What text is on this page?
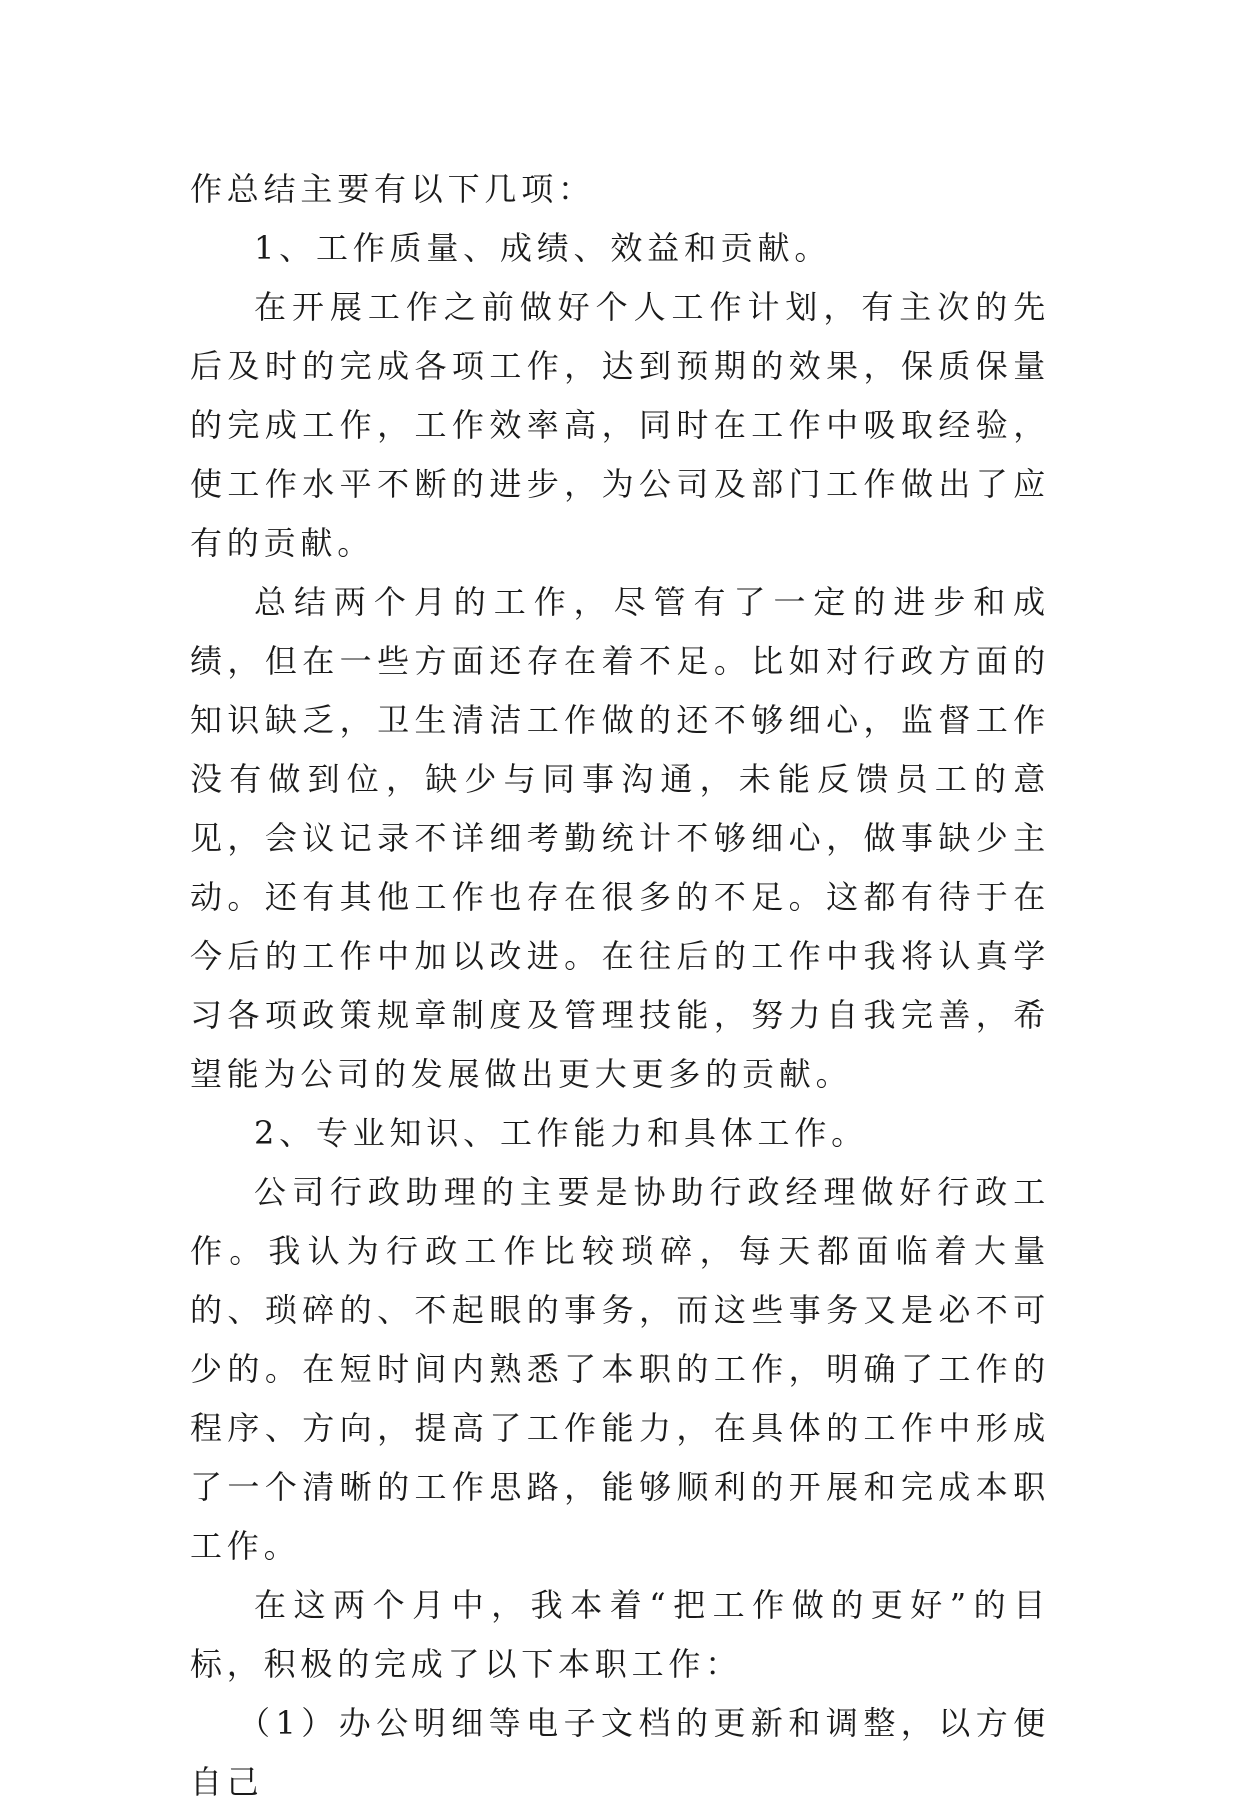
作总结主要有以下几项：

1、工作质量、成绩、效益和贡献。

在开展工作之前做好个人工作计划，有主次的先后及时的完成各项工作，达到预期的效果，保质保量的完成工作，工作效率高，同时在工作中吸取经验，使工作水平不断的进步，为公司及部门工作做出了应有的贡献。

总结两个月的工作，尽管有了一定的进步和成绩，但在一些方面还存在着不足。比如对行政方面的知识缺乏，卫生清洁工作做的还不够细心，监督工作没有做到位，缺少与同事沟通，未能反馈员工的意见，会议记录不详细考勤统计不够细心，做事缺少主动。还有其他工作也存在很多的不足。这都有待于在今后的工作中加以改进。在往后的工作中我将认真学习各项政策规章制度及管理技能，努力自我完善，希望能为公司的发展做出更大更多的贡献。

2、专业知识、工作能力和具体工作。

公司行政助理的主要是协助行政经理做好行政工作。我认为行政工作比较琐碎，每天都面临着大量的、琐碎的、不起眼的事务，而这些事务又是必不可少的。在短时间内熟悉了本职的工作，明确了工作的程序、方向，提高了工作能力，在具体的工作中形成了一个清晰的工作思路，能够顺利的开展和完成本职工作。

在这两个月中，我本着“把工作做的更好”的目标，积极的完成了以下本职工作：

（1）办公明细等电子文档的更新和调整，以方便自己
